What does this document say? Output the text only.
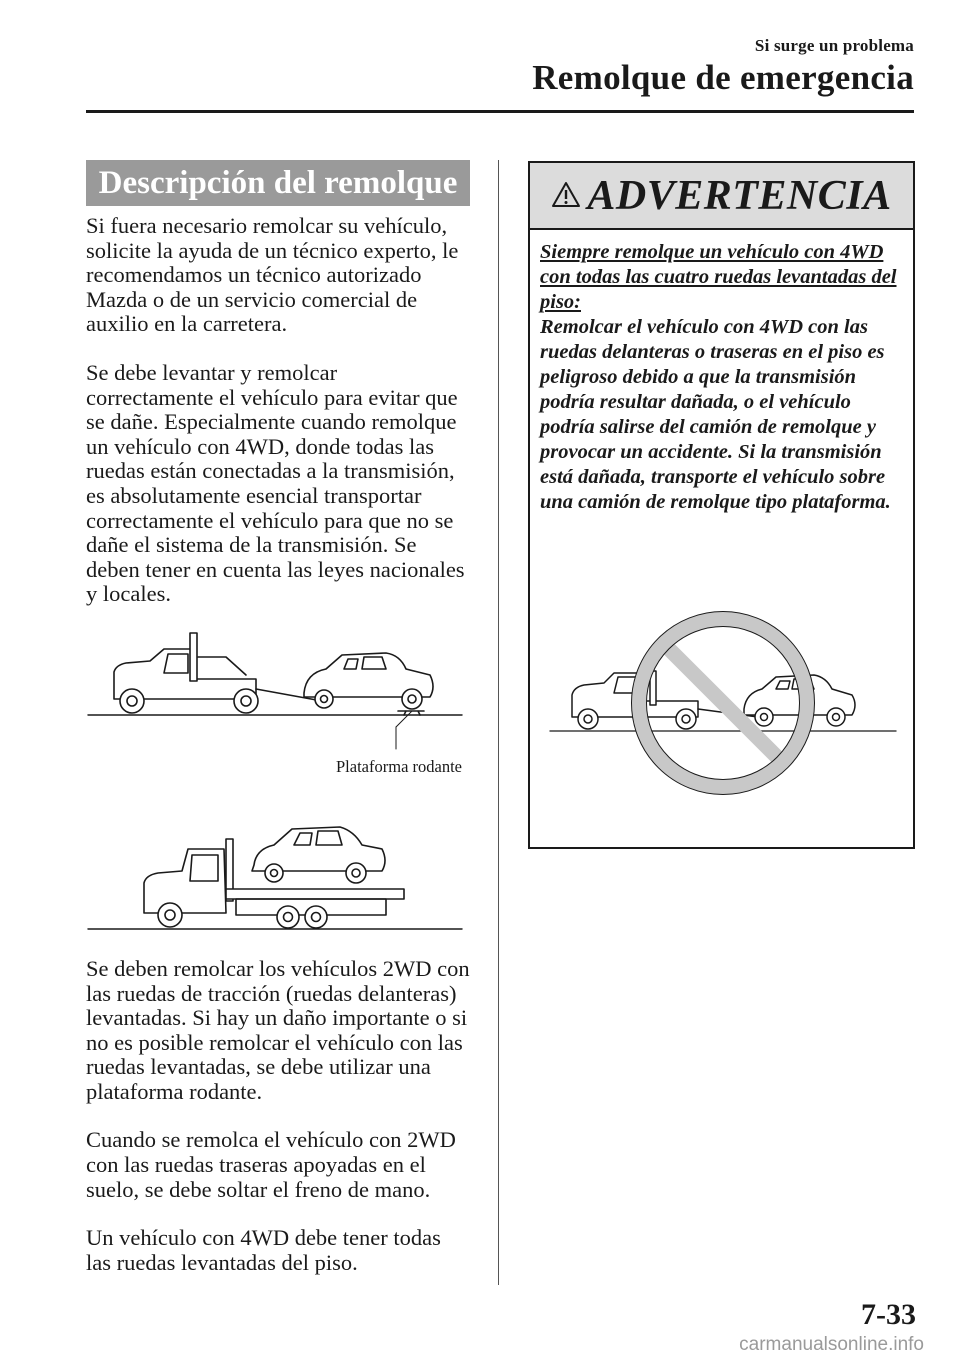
Si surge un problema
Remolque de emergencia
Descripción del remolque

Si fuera necesario remolcar su vehículo, solicite la ayuda de un técnico experto, le recomendamos un técnico autorizado Mazda o de un servicio comercial de auxilio en la carretera.

Se debe levantar y remolcar correctamente el vehículo para evitar que se dañe. Especialmente cuando remolque un vehículo con 4WD, donde todas las ruedas están conectadas a la transmisión, es absolutamente esencial transportar correctamente el vehículo para que no se dañe el sistema de la transmisión. Se deben tener en cuenta las leyes nacionales y locales.

Plataforma rodante

Se deben remolcar los vehículos 2WD con las ruedas de tracción (ruedas delanteras) levantadas. Si hay un daño importante o si no es posible remolcar el vehículo con las ruedas levantadas, se debe utilizar una plataforma rodante.

Cuando se remolca el vehículo con 2WD con las ruedas traseras apoyadas en el suelo, se debe soltar el freno de mano.

Un vehículo con 4WD debe tener todas las ruedas levantadas del piso.

ADVERTENCIA
Siempre remolque un vehículo con 4WD con todas las cuatro ruedas levantadas del piso:
Remolcar el vehículo con 4WD con las ruedas delanteras o traseras en el piso es peligroso debido a que la transmisión podría resultar dañada, o el vehículo podría salirse del camión de remolque y provocar un accidente. Si la transmisión está dañada, transporte el vehículo sobre una camión de remolque tipo plataforma.
7-33
carmanualsonline.info
